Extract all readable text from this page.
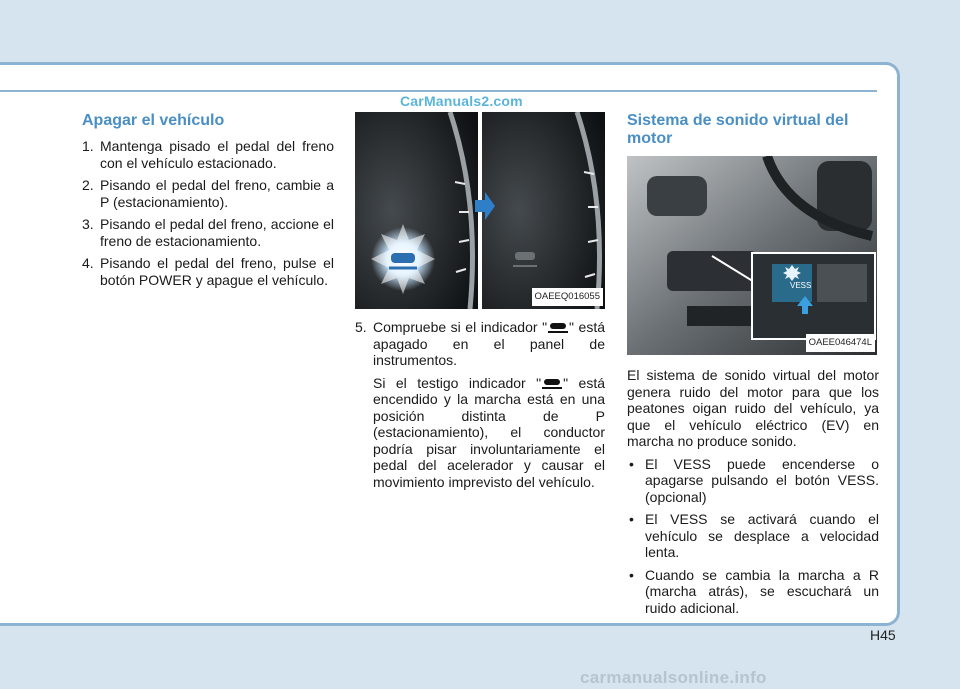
CarManuals2.com
Apagar el vehículo
1. Mantenga pisado el pedal del freno con el vehículo estacionado.
2. Pisando el pedal del freno, cambie a P (estacionamiento).
3. Pisando el pedal del freno, accione el freno de estacionamiento.
4. Pisando el pedal del freno, pulse el botón POWER y apague el vehículo.
OAEEQ016055
5. Compruebe si el indicador " " está apagado en el panel de instrumentos.

Si el testigo indicador " " está encendido y la marcha está en una posición distinta de P (estacionamiento), el conductor podría pisar involuntariamente el pedal del acelerador y causar el movimiento imprevisto del vehículo.

Sistema de sonido virtual del motor
VESS
OAEE046474L

El sistema de sonido virtual del motor genera ruido del motor para que los peatones oigan ruido del vehículo, ya que el vehículo eléctrico (EV) en marcha no produce sonido.

• El VESS puede encenderse o apagarse pulsando el botón VESS. (opcional)
• El VESS se activará cuando el vehículo se desplace a velocidad lenta.
• Cuando se cambia la marcha a R (marcha atrás), se escuchará un ruido adicional.
H45
carmanualsonline.info
